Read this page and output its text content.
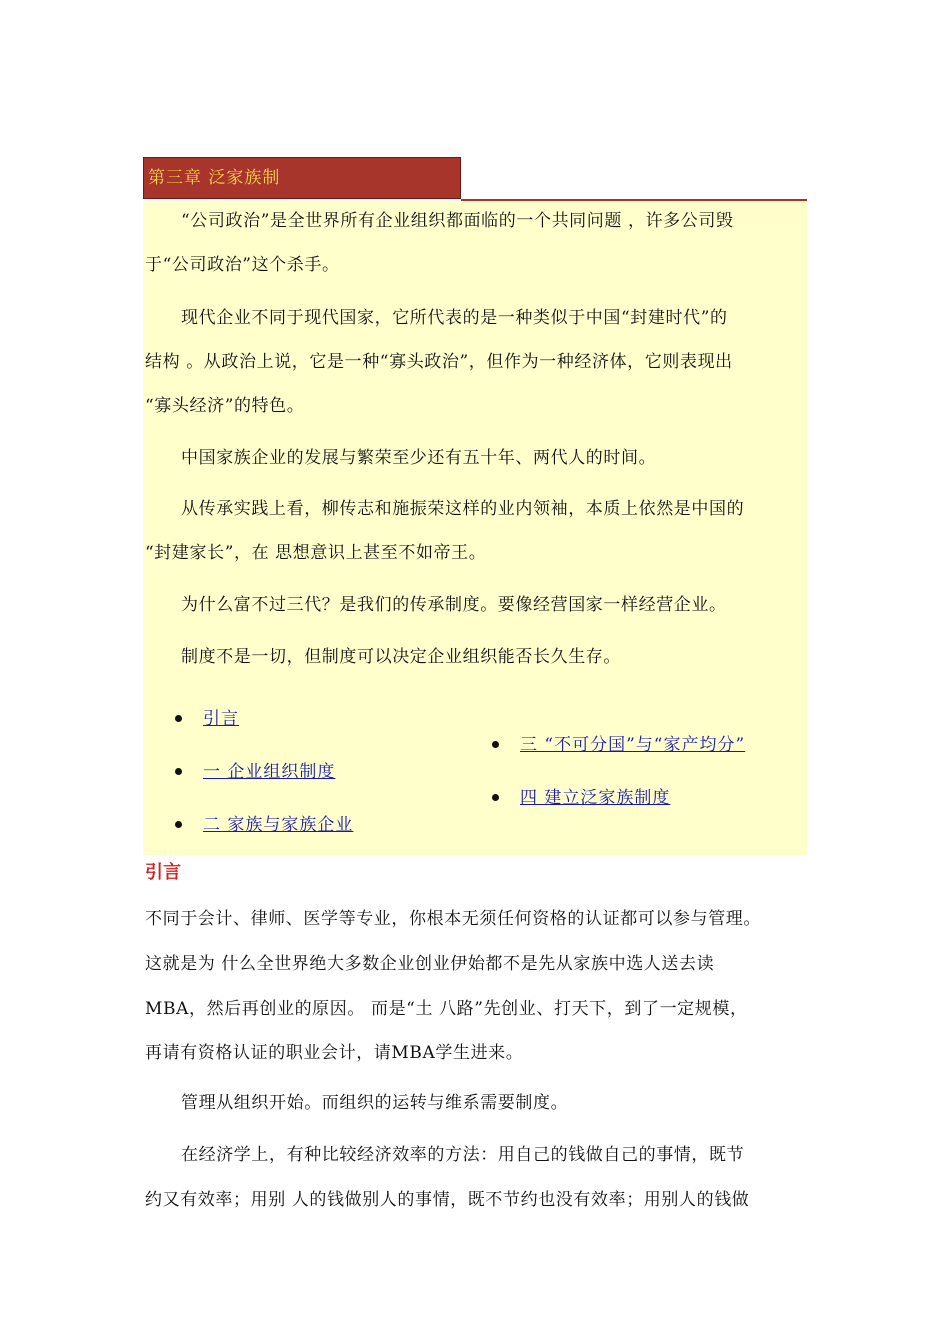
第三章 泛家族制

“公司政治”是全世界所有企业组织都面临的一个共同问题 ，许多公司毁

于“公司政治”这个杀手。

现代企业不同于现代国家，它所代表的是一种类似于中国“封建时代”的

结构 。从政治上说，它是一种“寡头政治”，但作为一种经济体，它则表现出

“寡头经济”的特色。

中国家族企业的发展与繁荣至少还有五十年、两代人的时间。

从传承实践上看，柳传志和施振荣这样的业内领袖，本质上依然是中国的

“封建家长”，在 思想意识上甚至不如帝王。

为什么富不过三代？是我们的传承制度。要像经营国家一样经营企业。

制度不是一切，但制度可以决定企业组织能否长久生存。

引言
一 企业组织制度
二 家族与家族企业
三 “不可分国”与“家产均分”
四 建立泛家族制度
引言

不同于会计、律师、医学等专业，你根本无须任何资格的认证都可以参与管理。

这就是为 什么全世界绝大多数企业创业伊始都不是先从家族中选人送去读

MBA，然后再创业的原因。 而是“土 八路”先创业、打天下，到了一定规模，

再请有资格认证的职业会计，请MBA学生进来。

管理从组织开始。而组织的运转与维系需要制度。

在经济学上，有种比较经济效率的方法：用自己的钱做自己的事情，既节

约又有效率；用别 人的钱做别人的事情，既不节约也没有效率；用别人的钱做
